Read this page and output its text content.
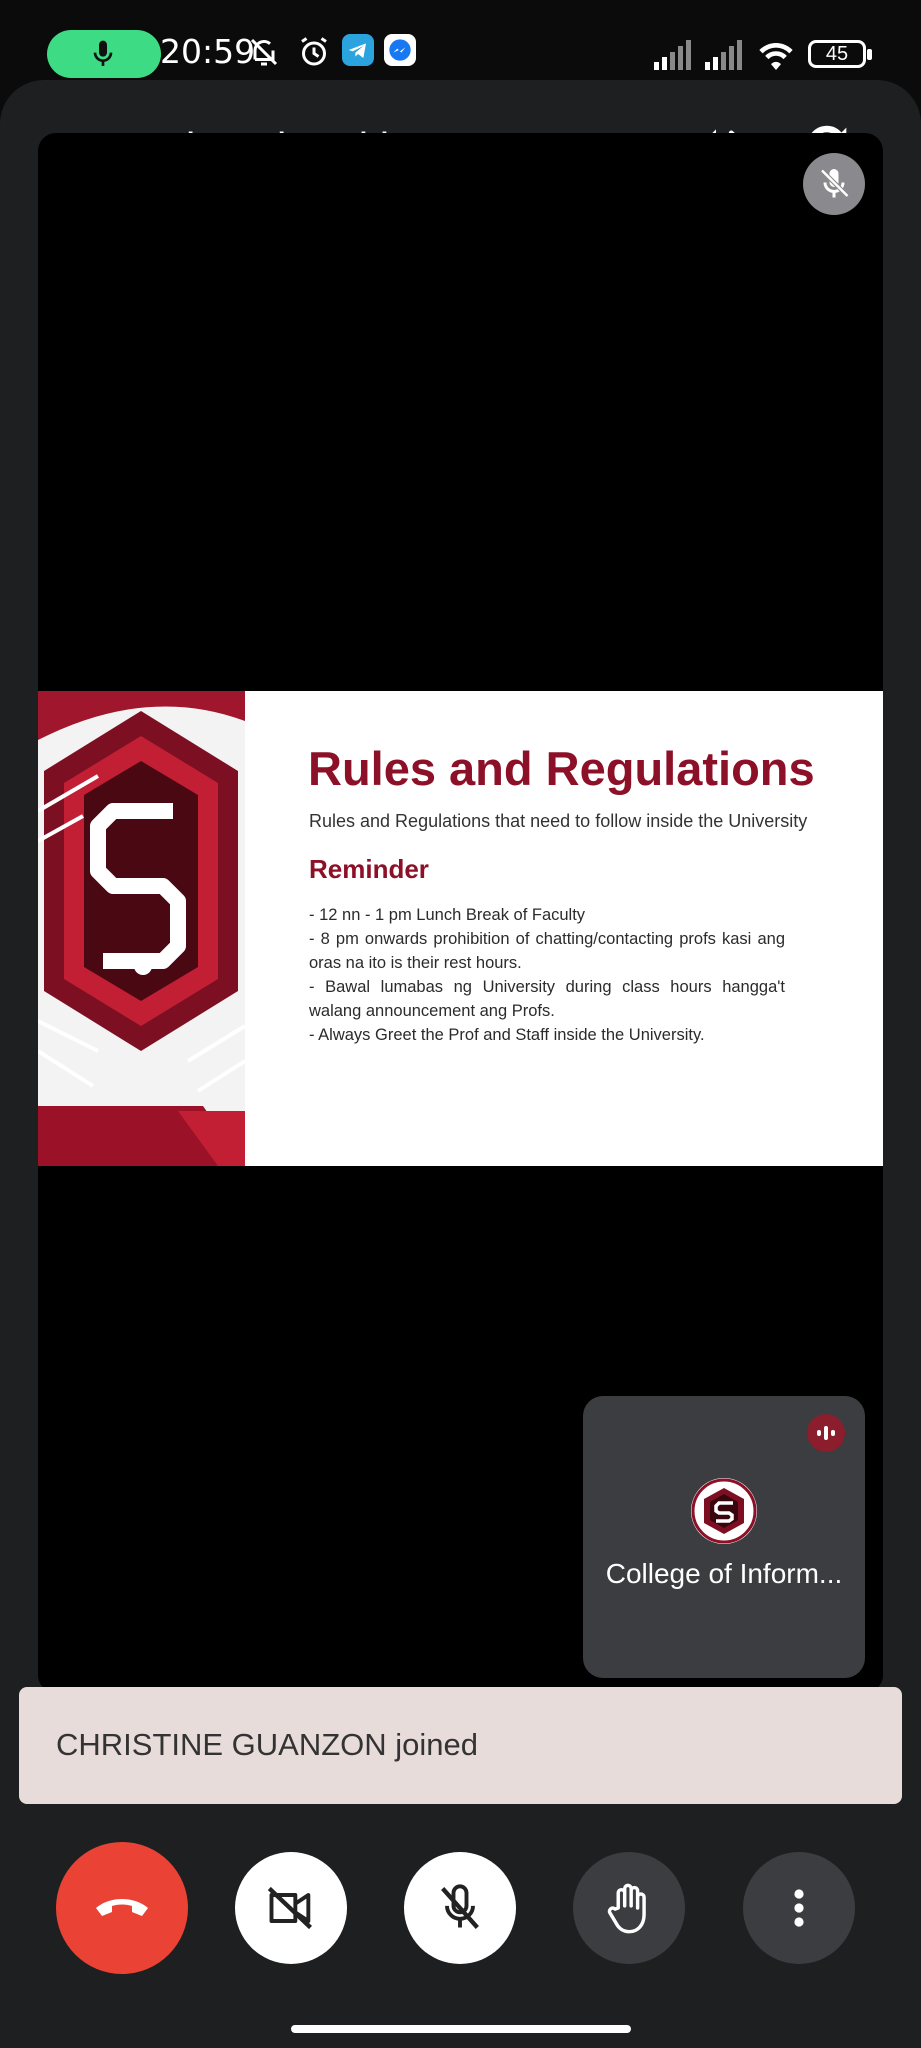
20:59	45
Rules and Regulations
Rules and Regulations that need to follow inside the University
Reminder

- 12 nn - 1 pm Lunch Break of Faculty

- 8 pm onwards prohibition of chatting/contacting profs kasi ang oras na ito is their rest hours.

- Bawal lumabas ng University during class hours hangga't walang announcement ang Profs.

- Always Greet the Prof and Staff inside the University.

College of Inform...
CHRISTINE GUANZON joined
